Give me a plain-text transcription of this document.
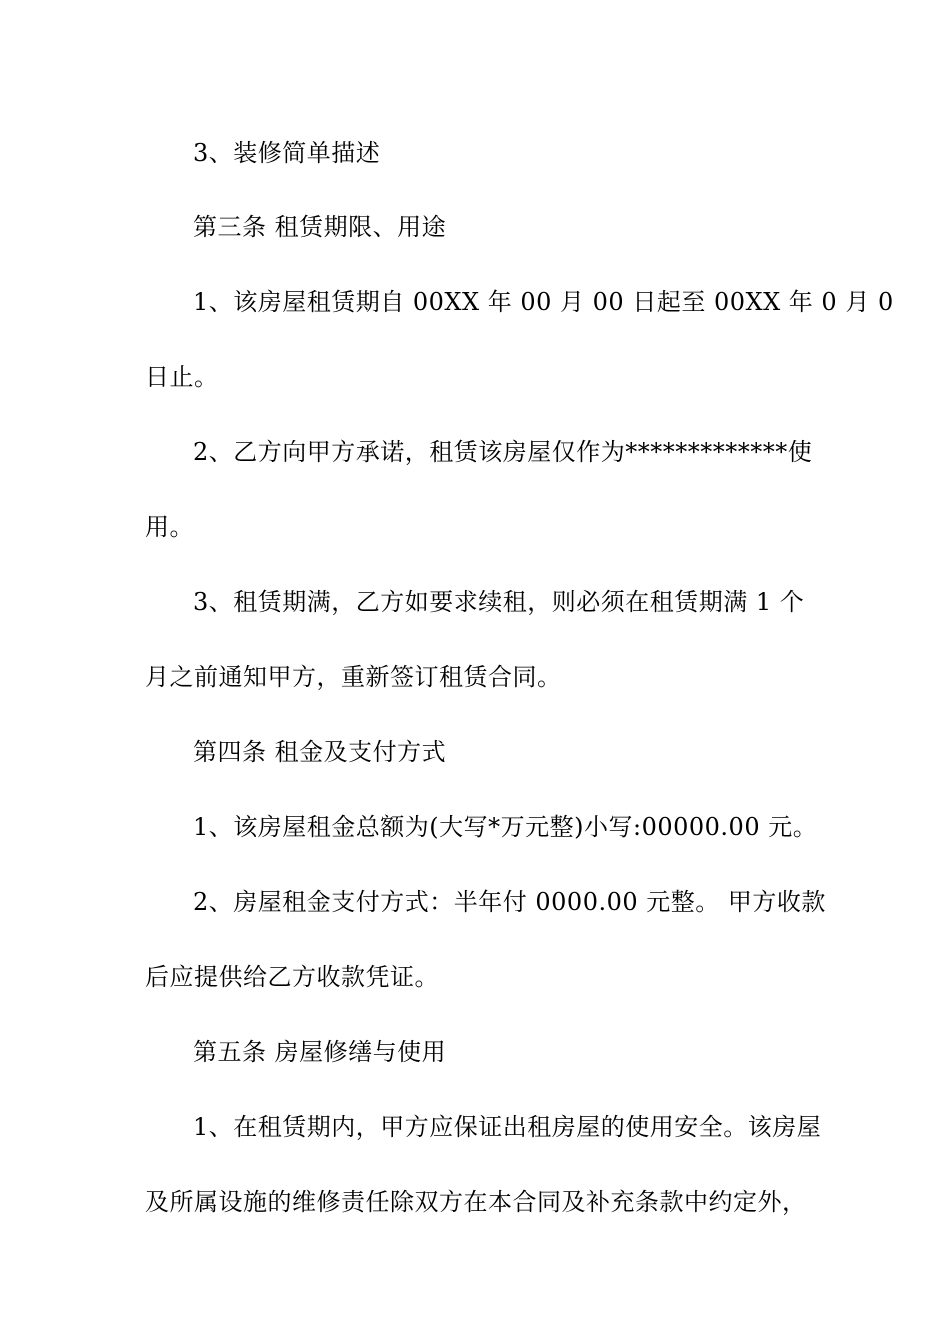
3、装修简单描述
第三条 租赁期限、用途
1、该房屋租赁期自 00XX 年 00 月 00 日起至 00XX 年 0 月 0
日止。
2、乙方向甲方承诺，租赁该房屋仅作为*************使
用。
3、租赁期满，乙方如要求续租，则必须在租赁期满 1 个
月之前通知甲方，重新签订租赁合同。
第四条 租金及支付方式
1、该房屋租金总额为(大写*万元整)小写:00000.00 元。
2、房屋租金支付方式：半年付 0000.00 元整。 甲方收款
后应提供给乙方收款凭证。
第五条 房屋修缮与使用
1、在租赁期内，甲方应保证出租房屋的使用安全。该房屋
及所属设施的维修责任除双方在本合同及补充条款中约定外，
